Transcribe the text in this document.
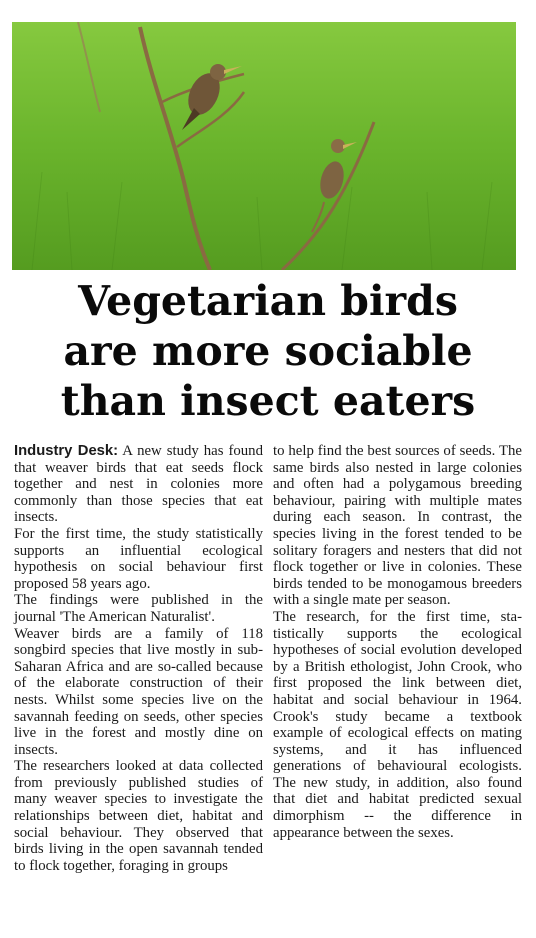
Vegetarian birds
are more sociable
than insect eaters

Industry Desk: A new study has found that weaver birds that eat seeds flock together and nest in colonies more commonly than those species that eat insects.

For the first time, the study statistically supports an influential ecological hypothesis on social behaviour first proposed 58 years ago.

The findings were published in the journal 'The American Naturalist'.

Weaver birds are a family of 118 songbird species that live mostly in sub-Saharan Africa and are so-called because of the elaborate construction of their nests. Whilst some species live on the savannah feeding on seeds, other species live in the forest and mostly dine on insects.

The researchers looked at data collected from previously published studies of many weaver species to investigate the relationships between diet, habitat and social behaviour. They observed that birds living in the open savannah tended to flock together, foraging in groups

to help find the best sources of seeds. The same birds also nested in large colonies and often had a polygamous breeding behaviour, pairing with multiple mates during each season. In contrast, the species living in the forest tended to be solitary foragers and nesters that did not flock together or live in colonies. These birds tended to be monogamous breeders with a single mate per season.

The research, for the first time, statistically supports the ecological hypotheses of social evolution developed by a British ethologist, John Crook, who first proposed the link between diet, habitat and social behaviour in 1964. Crook's study became a textbook example of ecological effects on mating systems, and it has influenced generations of behavioural ecologists. The new study, in addition, also found that diet and habitat predicted sexual dimorphism -- the difference in appearance between the sexes.
